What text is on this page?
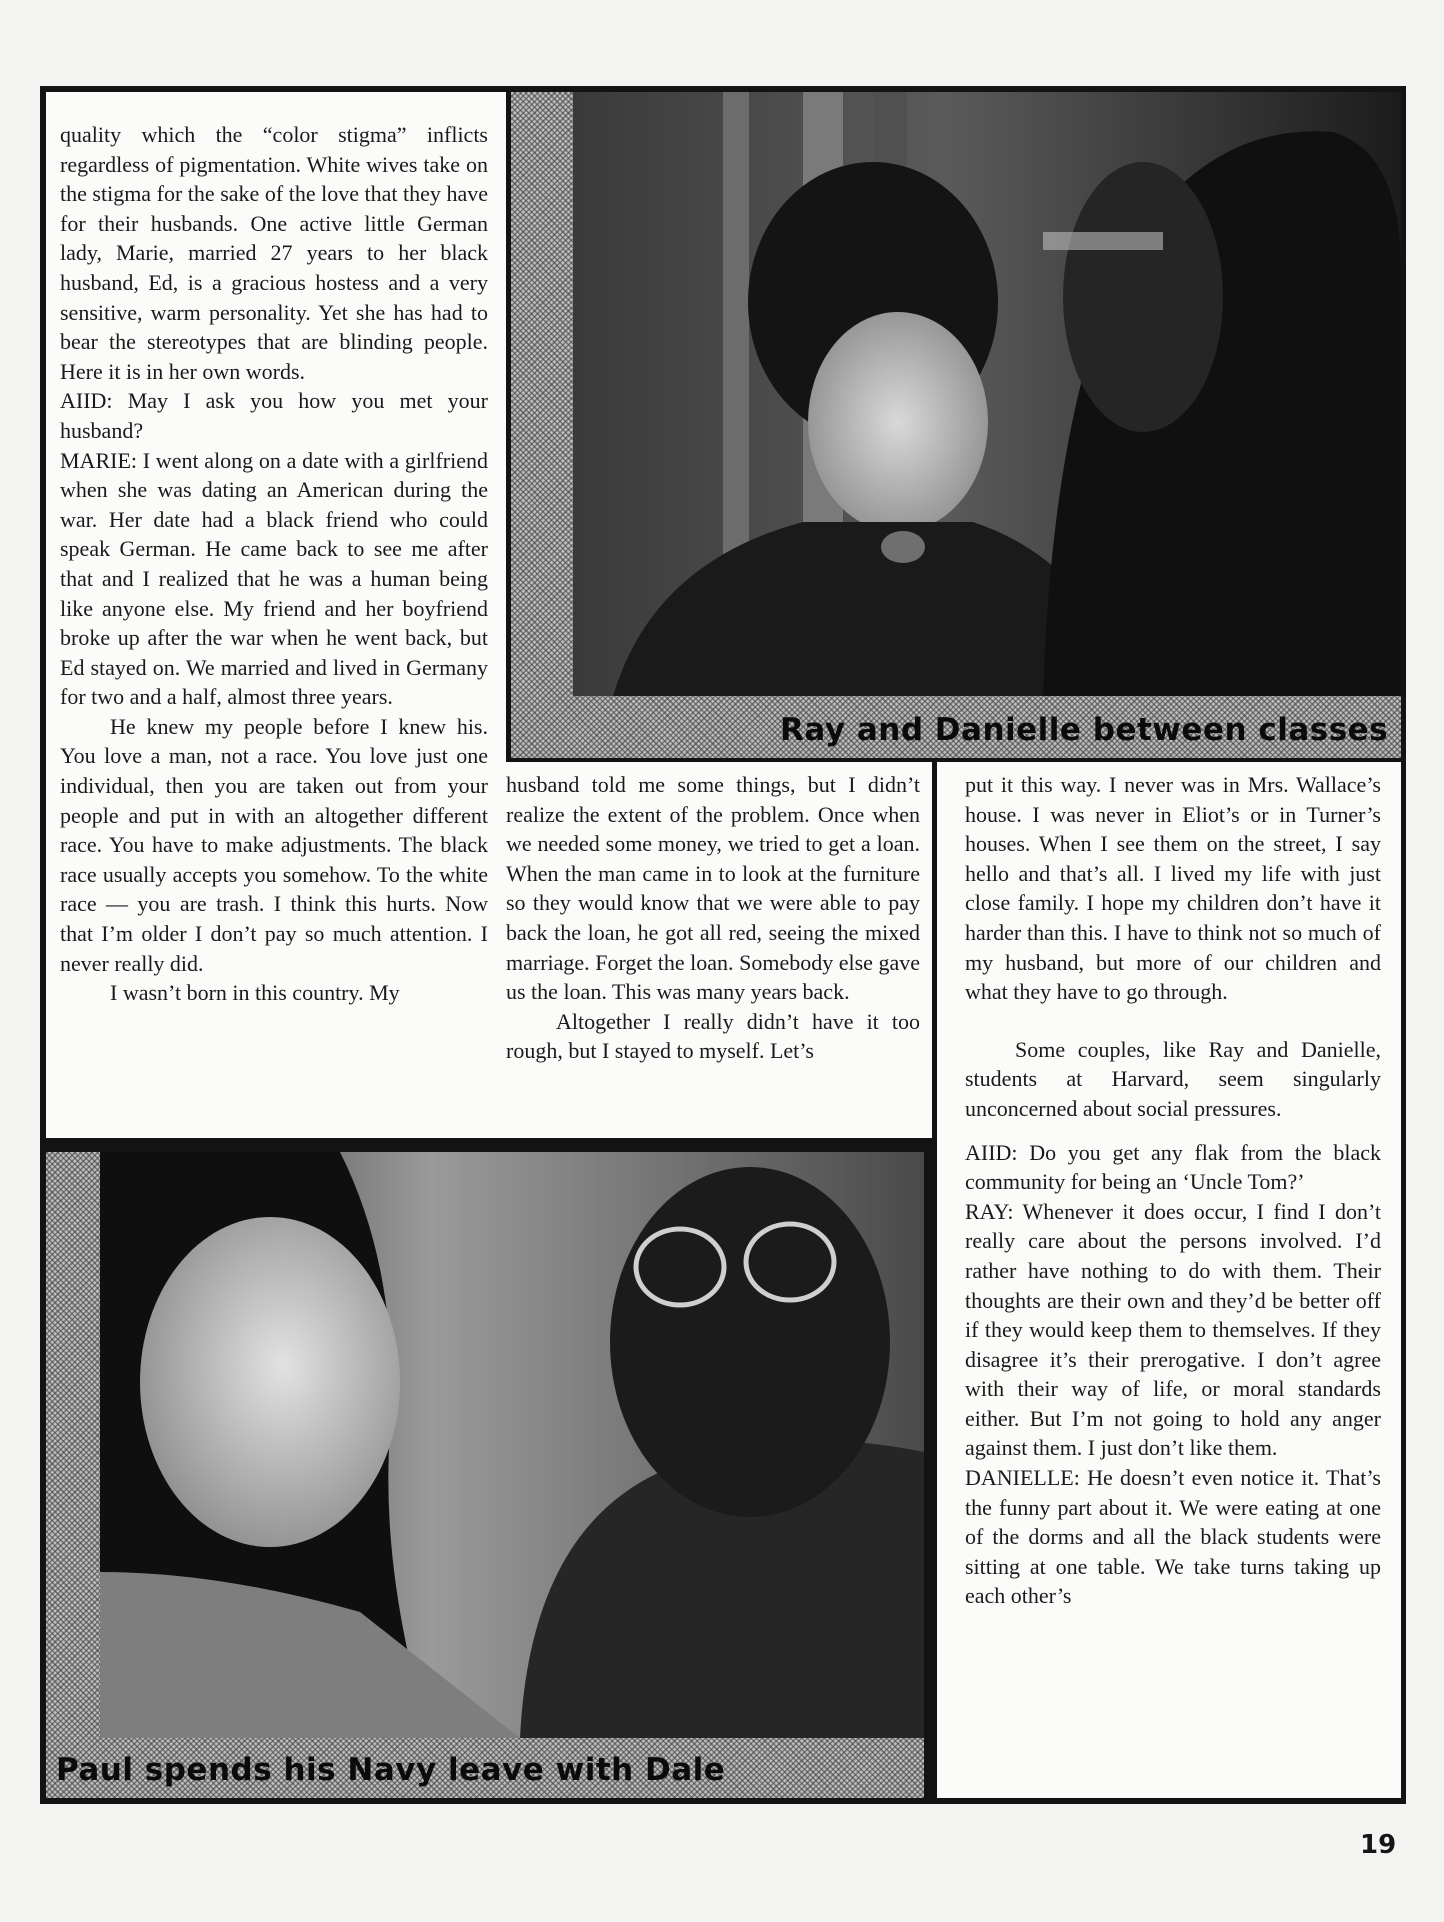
quality which the “color stigma” inflicts regardless of pigmentation. White wives take on the stigma for the sake of the love that they have for their husbands. One active little German lady, Marie, married 27 years to her black husband, Ed, is a gracious hostess and a very sensitive, warm personality. Yet she has had to bear the stereotypes that are blinding people. Here it is in her own words.

AIID: May I ask you how you met your husband?

MARIE: I went along on a date with a girlfriend when she was dating an American during the war. Her date had a black friend who could speak German. He came back to see me after that and I realized that he was a human being like anyone else. My friend and her boyfriend broke up after the war when he went back, but Ed stayed on. We married and lived in Germany for two and a half, almost three years.

He knew my people before I knew his. You love a man, not a race. You love just one individual, then you are taken out from your people and put in with an altogether different race. You have to make adjustments. The black race usually accepts you somehow. To the white race — you are trash. I think this hurts. Now that I’m older I don’t pay so much attention. I never really did.

I wasn’t born in this country. My

Ray and Danielle between classes

husband told me some things, but I didn’t realize the extent of the problem. Once when we needed some money, we tried to get a loan. When the man came in to look at the furniture so they would know that we were able to pay back the loan, he got all red, seeing the mixed marriage. Forget the loan. Somebody else gave us the loan. This was many years back.

Altogether I really didn’t have it too rough, but I stayed to myself. Let’s

put it this way. I never was in Mrs. Wallace’s house. I was never in Eliot’s or in Turner’s houses. When I see them on the street, I say hello and that’s all. I lived my life with just close family. I hope my children don’t have it harder than this. I have to think not so much of my husband, but more of our children and what they have to go through.

Some couples, like Ray and Danielle, students at Harvard, seem singularly unconcerned about social pressures.

AIID: Do you get any flak from the black community for being an ‘Uncle Tom?’

RAY: Whenever it does occur, I find I don’t really care about the persons involved. I’d rather have nothing to do with them. Their thoughts are their own and they’d be better off if they would keep them to themselves. If they disagree it’s their prerogative. I don’t agree with their way of life, or moral standards either. But I’m not going to hold any anger against them. I just don’t like them.

DANIELLE: He doesn’t even notice it. That’s the funny part about it. We were eating at one of the dorms and all the black students were sitting at one table. We take turns taking up each other’s

Paul spends his Navy leave with Dale
19
